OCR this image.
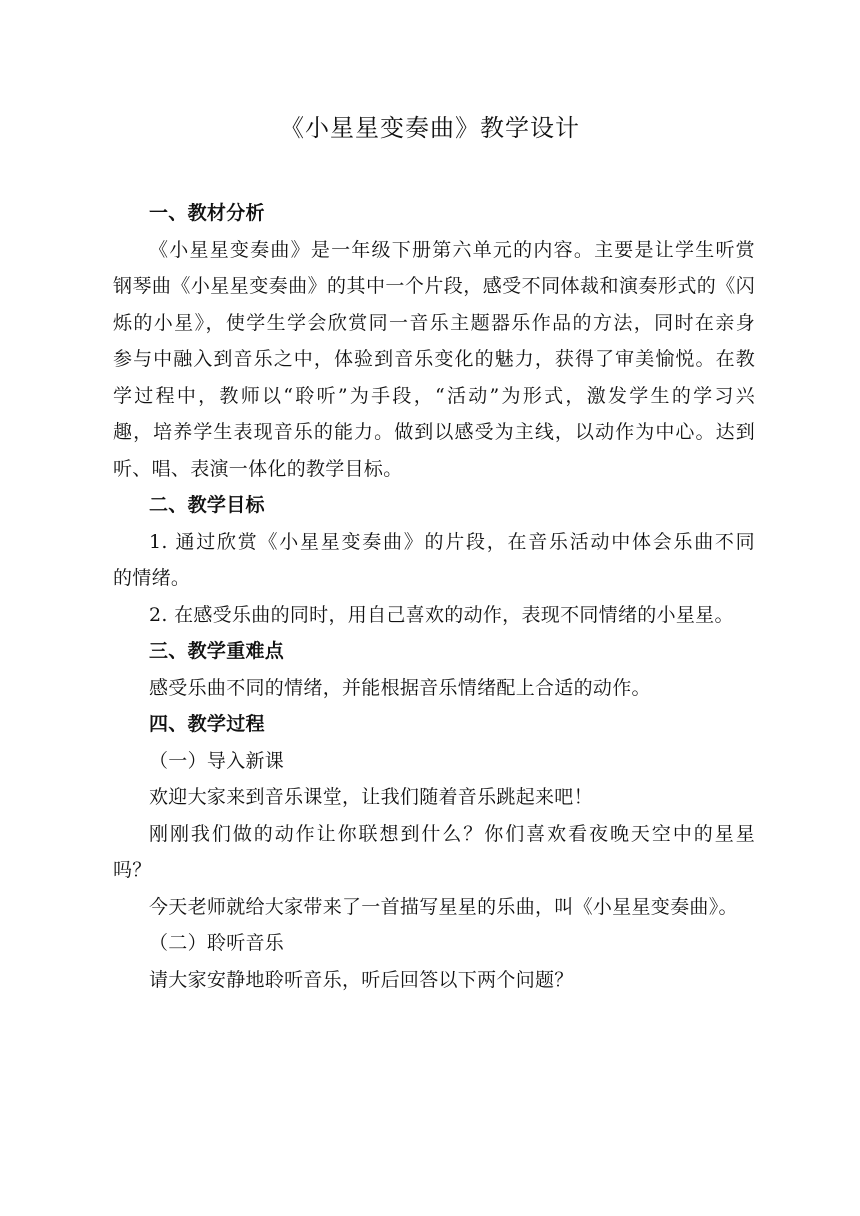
《小星星变奏曲》教学设计
一、教材分析
《小星星变奏曲》是一年级下册第六单元的内容。主要是让学生听赏
钢琴曲《小星星变奏曲》的其中一个片段，感受不同体裁和演奏形式的《闪
烁的小星》，使学生学会欣赏同一音乐主题器乐作品的方法，同时在亲身
参与中融入到音乐之中，体验到音乐变化的魅力，获得了审美愉悦。在教
学过程中，教师以“聆听”为手段，“活动”为形式，激发学生的学习兴
趣，培养学生表现音乐的能力。做到以感受为主线，以动作为中心。达到
听、唱、表演一体化的教学目标。
二、教学目标
1. 通过欣赏《小星星变奏曲》的片段，在音乐活动中体会乐曲不同
的情绪。
2. 在感受乐曲的同时，用自己喜欢的动作，表现不同情绪的小星星。
三、教学重难点
感受乐曲不同的情绪，并能根据音乐情绪配上合适的动作。
四、教学过程
（一）导入新课
欢迎大家来到音乐课堂，让我们随着音乐跳起来吧！
刚刚我们做的动作让你联想到什么？你们喜欢看夜晚天空中的星星
吗？
今天老师就给大家带来了一首描写星星的乐曲，叫《小星星变奏曲》。
（二）聆听音乐
请大家安静地聆听音乐，听后回答以下两个问题？
